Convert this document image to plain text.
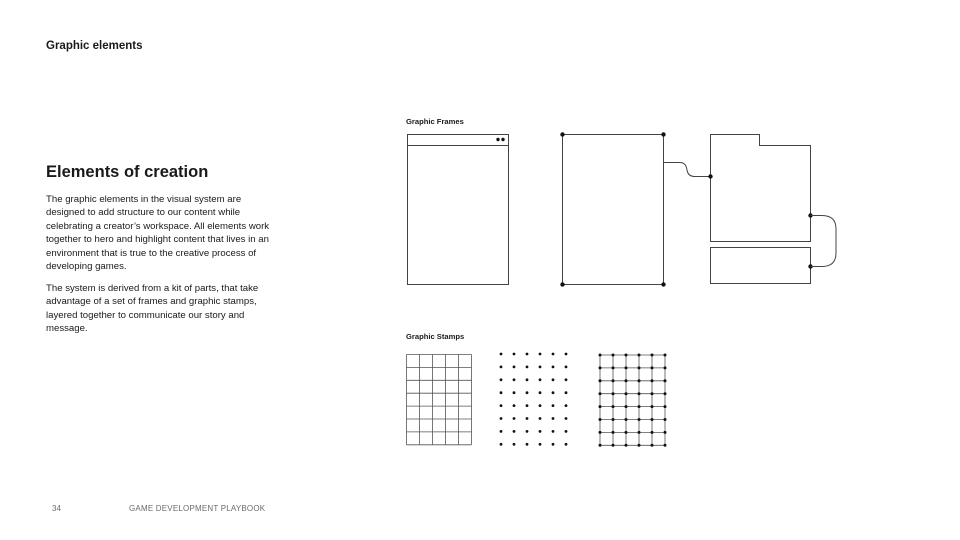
Graphic elements
Elements of creation

The graphic elements in the visual system are designed to add structure to our content while celebrating a creator’s workspace. All elements work together to hero and highlight content that lives in an environment that is true to the creative process of developing games.

The system is derived from a kit of parts, that take advantage of a set of frames and graphic stamps, layered together to communicate our story and message.

Graphic Frames
Graphic Stamps
34	GAME DEVELOPMENT PLAYBOOK
